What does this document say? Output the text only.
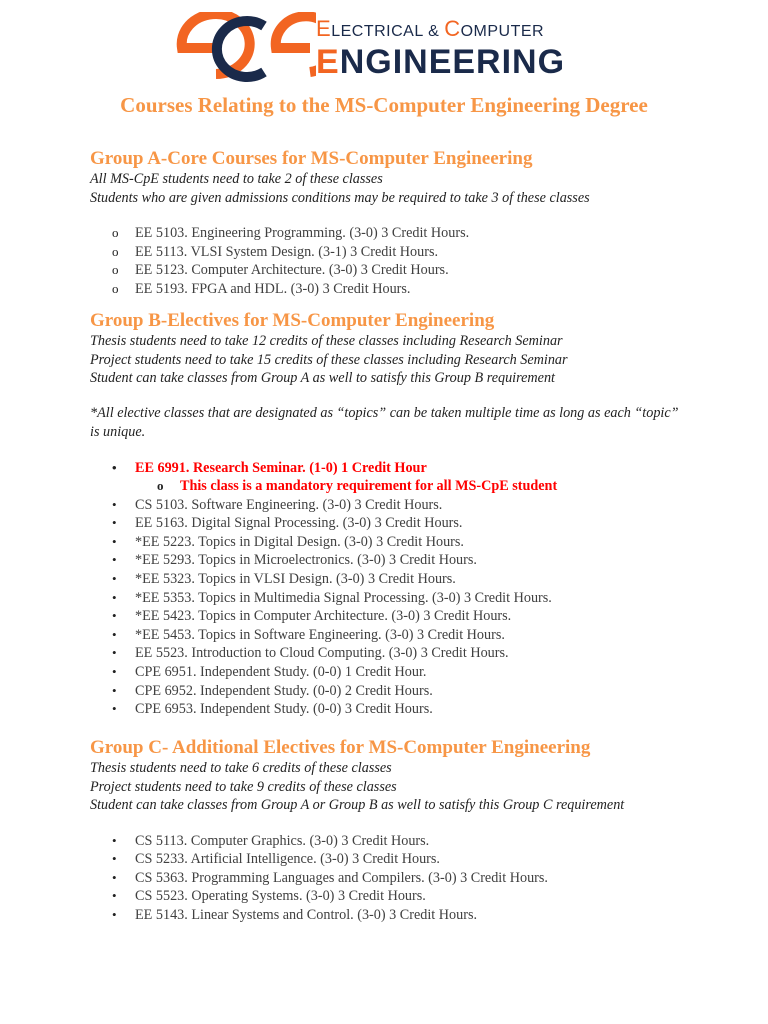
ELECTRICAL & COMPUTER
ENGINEERING
Courses Relating to the MS-Computer Engineering Degree
Group A-Core Courses for MS-Computer Engineering
All MS-CpE students need to take 2 of these classes
Students who are given admissions conditions may be required to take 3 of these classes
o EE 5103. Engineering Programming. (3-0) 3 Credit Hours.
o EE 5113. VLSI System Design. (3-1) 3 Credit Hours.
o EE 5123. Computer Architecture. (3-0) 3 Credit Hours.
o EE 5193. FPGA and HDL. (3-0) 3 Credit Hours.
Group B-Electives for MS-Computer Engineering
Thesis students need to take 12 credits of these classes including Research Seminar
Project students need to take 15 credits of these classes including Research Seminar
Student can take classes from Group A as well to satisfy this Group B requirement
*All elective classes that are designated as “topics” can be taken multiple time as long as each “topic” is unique.
• EE 6991. Research Seminar. (1-0) 1 Credit Hour
o This class is a mandatory requirement for all MS-CpE student
• CS 5103. Software Engineering. (3-0) 3 Credit Hours.
• EE 5163. Digital Signal Processing. (3-0) 3 Credit Hours.
• *EE 5223. Topics in Digital Design. (3-0) 3 Credit Hours.
• *EE 5293. Topics in Microelectronics. (3-0) 3 Credit Hours.
• *EE 5323. Topics in VLSI Design. (3-0) 3 Credit Hours.
• *EE 5353. Topics in Multimedia Signal Processing. (3-0) 3 Credit Hours.
• *EE 5423. Topics in Computer Architecture. (3-0) 3 Credit Hours.
• *EE 5453. Topics in Software Engineering. (3-0) 3 Credit Hours.
• EE 5523. Introduction to Cloud Computing. (3-0) 3 Credit Hours.
• CPE 6951. Independent Study. (0-0) 1 Credit Hour.
• CPE 6952. Independent Study. (0-0) 2 Credit Hours.
• CPE 6953. Independent Study. (0-0) 3 Credit Hours.
Group C- Additional Electives for MS-Computer Engineering
Thesis students need to take 6 credits of these classes
Project students need to take 9 credits of these classes
Student can take classes from Group A or Group B as well to satisfy this Group C requirement
• CS 5113. Computer Graphics. (3-0) 3 Credit Hours.
• CS 5233. Artificial Intelligence. (3-0) 3 Credit Hours.
• CS 5363. Programming Languages and Compilers. (3-0) 3 Credit Hours.
• CS 5523. Operating Systems. (3-0) 3 Credit Hours.
• EE 5143. Linear Systems and Control. (3-0) 3 Credit Hours.
